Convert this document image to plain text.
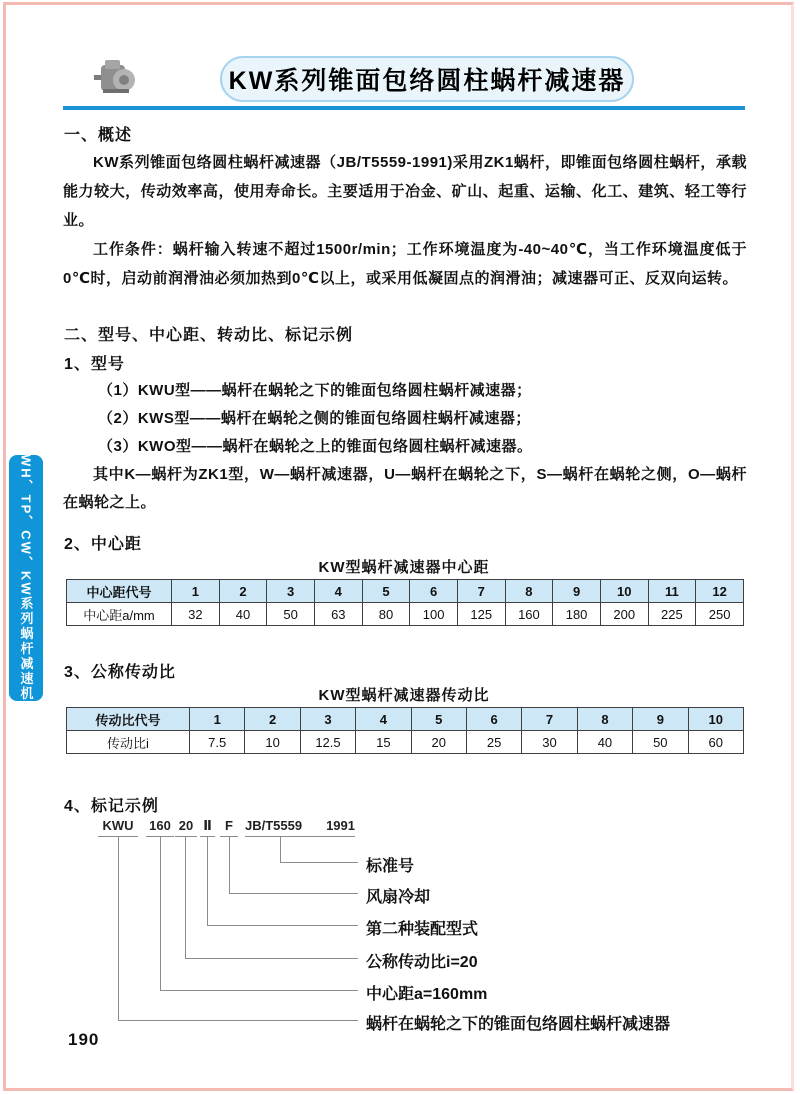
KW系列锥面包络圆柱蜗杆减速器
WH、TP、CW、KW系列蜗杆减速机
一、概述
KW系列锥面包络圆柱蜗杆减速器（JB/T5559-1991)采用ZK1蜗杆，即锥面包络圆柱蜗杆，承载能力较大，传动效率高，使用寿命长。主要适用于冶金、矿山、起重、运输、化工、建筑、轻工等行业。
工作条件：蜗杆输入转速不超过1500r/min；工作环境温度为-40~40℃，当工作环境温度低于0℃时，启动前润滑油必须加热到0℃以上，或采用低凝固点的润滑油；减速器可正、反双向运转。
二、型号、中心距、转动比、标记示例
1、型号
（1）KWU型——蜗杆在蜗轮之下的锥面包络圆柱蜗杆减速器；
（2）KWS型——蜗杆在蜗轮之侧的锥面包络圆柱蜗杆减速器；
（3）KWO型——蜗杆在蜗轮之上的锥面包络圆柱蜗杆减速器。
其中K—蜗杆为ZK1型，W—蜗杆减速器，U—蜗杆在蜗轮之下，S—蜗杆在蜗轮之侧，O—蜗杆在蜗轮之上。
2、中心距
KW型蜗杆减速器中心距
中心距代号	1	2	3	4	5	6	7	8	9	10	11	12
中心距a/mm	32	40	50	63	80	100	125	160	180	200	225	250
3、公称传动比
KW型蜗杆减速器传动比
传动比代号	1	2	3	4	5	6	7	8	9	10
传动比i	7.5	10	12.5	15	20	25	30	40	50	60
4、标记示例
KWU	160 20 Ⅱ	F JB/T5559 1991
标准号
风扇冷却
第二种装配型式
公称传动比i=20
中心距a=160mm
蜗杆在蜗轮之下的锥面包络圆柱蜗杆减速器
190
